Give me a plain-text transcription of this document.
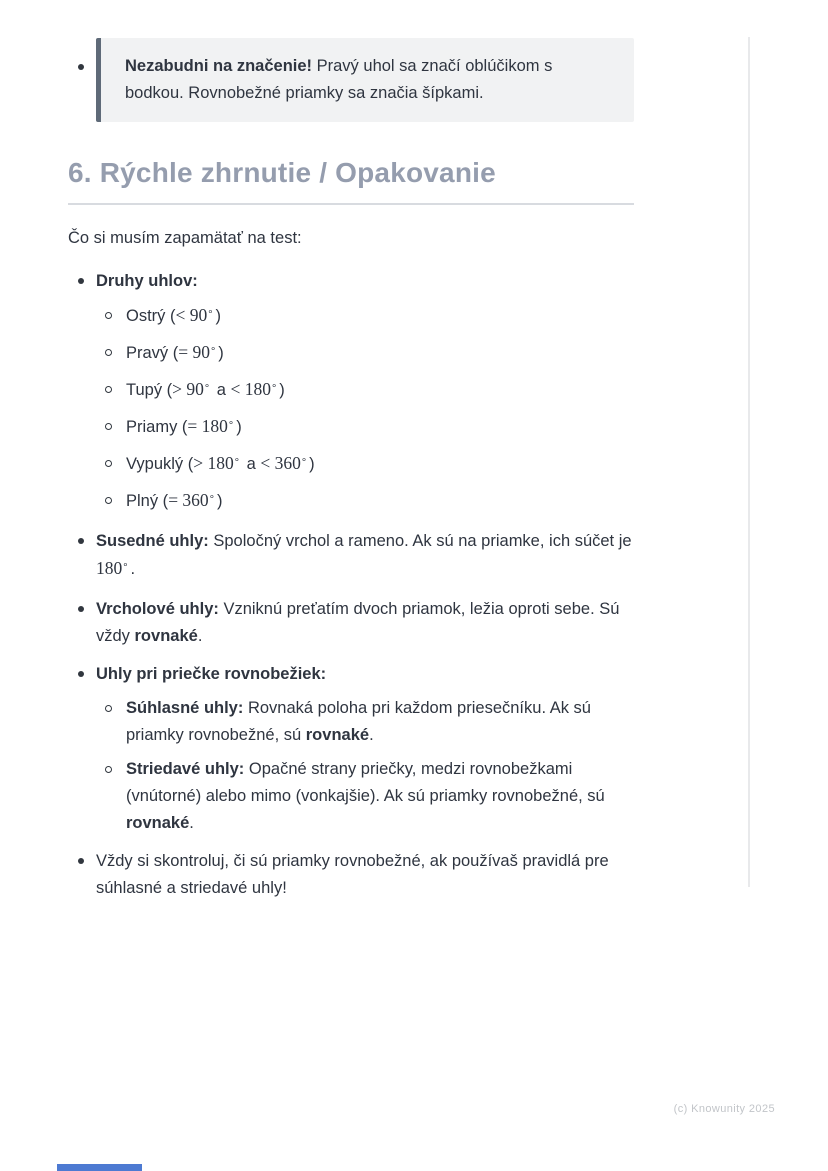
Nezabudni na značenie! Pravý uhol sa značí oblúčikom s bodkou. Rovnobežné priamky sa značia šípkami.

6. Rýchle zhrnutie / Opakovanie

Čo si musím zapamätať na test:

Druhy uhlov:
Ostrý (< 90∘ )
Pravý (= 90∘ )
Tupý (> 90∘ a < 180∘ )
Priamy (= 180∘ )
Vypuklý (> 180∘ a < 360∘ )
Plný (= 360∘ )
Susedné uhly: Spoločný vrchol a rameno. Ak sú na priamke, ich súčet je 180∘ .
Vrcholové uhly: Vzniknú preťatím dvoch priamok, ležia oproti sebe. Sú vždy rovnaké.
Uhly pri priečke rovnobežiek:
Súhlasné uhly: Rovnaká poloha pri každom priesečníku. Ak sú priamky rovnobežné, sú rovnaké.
Striedavé uhly: Opačné strany priečky, medzi rovnobežkami (vnútorné) alebo mimo (vonkajšie). Ak sú priamky rovnobežné, sú rovnaké.
Vždy si skontroluj, či sú priamky rovnobežné, ak používaš pravidlá pre súhlasné a striedavé uhly!
(c) Knowunity 2025
